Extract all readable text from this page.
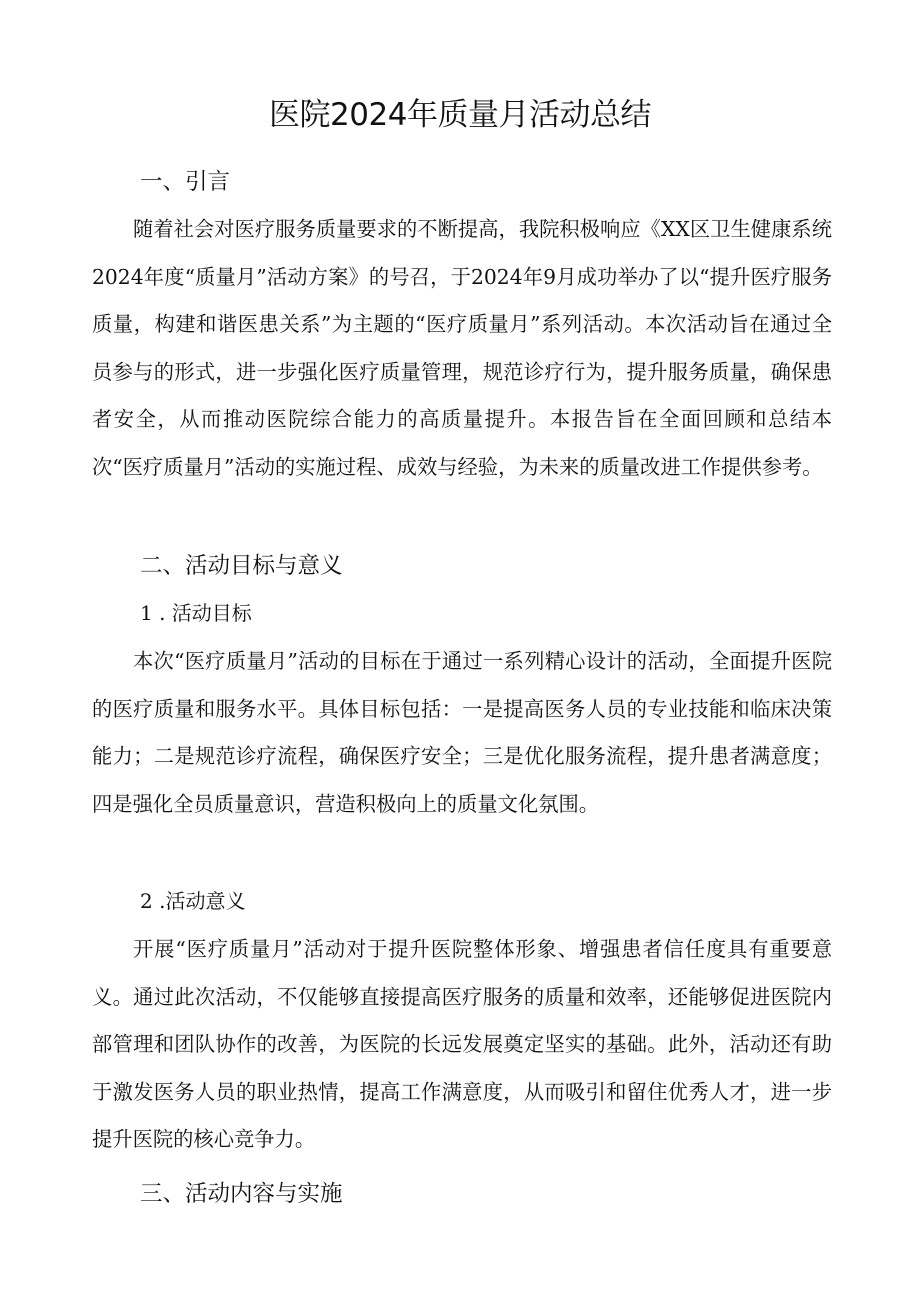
医院2024年质量月活动总结
一、引言

随着社会对医疗服务质量要求的不断提高，我院积极响应《XX区卫生健康系统2024年度“质量月”活动方案》的号召，于2024年9月成功举办了以“提升医疗服务质量，构建和谐医患关系”为主题的“医疗质量月”系列活动。本次活动旨在通过全员参与的形式，进一步强化医疗质量管理，规范诊疗行为，提升服务质量，确保患者安全，从而推动医院综合能力的高质量提升。本报告旨在全面回顾和总结本次“医疗质量月”活动的实施过程、成效与经验，为未来的质量改进工作提供参考。

二、活动目标与意义
1 . 活动目标

本次“医疗质量月”活动的目标在于通过一系列精心设计的活动，全面提升医院的医疗质量和服务水平。具体目标包括：一是提高医务人员的专业技能和临床决策能力；二是规范诊疗流程，确保医疗安全；三是优化服务流程，提升患者满意度；四是强化全员质量意识，营造积极向上的质量文化氛围。

2 .活动意义

开展“医疗质量月”活动对于提升医院整体形象、增强患者信任度具有重要意义。通过此次活动，不仅能够直接提高医疗服务的质量和效率，还能够促进医院内部管理和团队协作的改善，为医院的长远发展奠定坚实的基础。此外，活动还有助于激发医务人员的职业热情，提高工作满意度，从而吸引和留住优秀人才，进一步提升医院的核心竞争力。

三、活动内容与实施
